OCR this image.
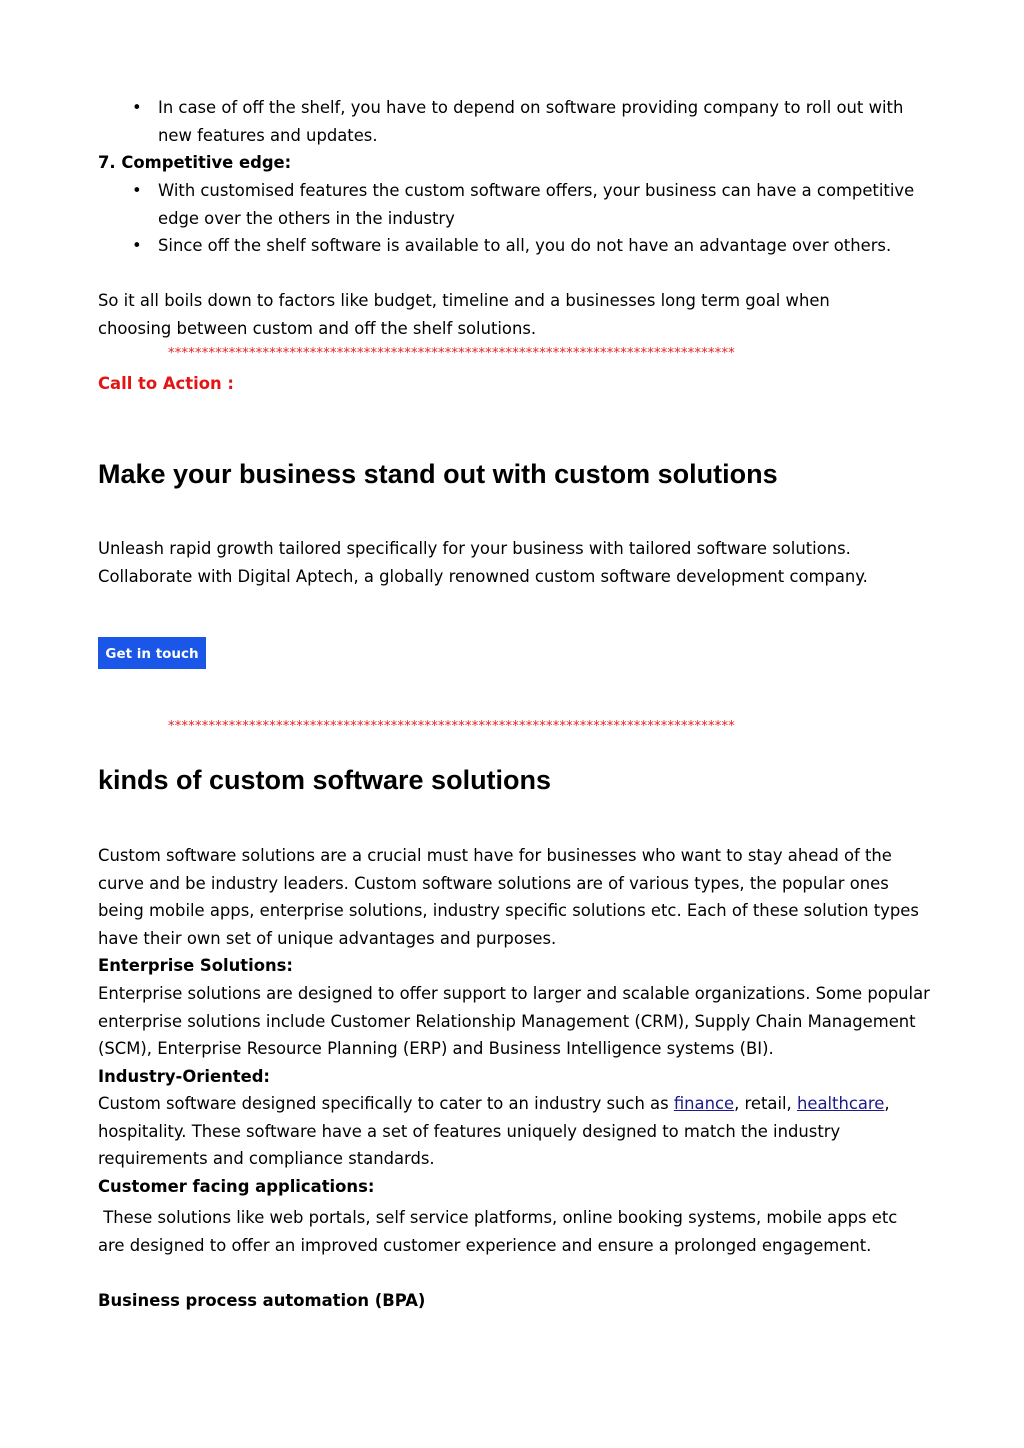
• In case of off the shelf, you have to depend on software providing company to roll out with new features and updates.
7. Competitive edge:
• With customised features the custom software offers, your business can have a competitive edge over the others in the industry
• Since off the shelf software is available to all, you do not have an advantage over others.
So it all boils down to factors like budget, timeline and a businesses long term goal when choosing between custom and off the shelf solutions.
************************************************************************************
Call to Action :
Make your business stand out with custom solutions
Unleash rapid growth tailored specifically for your business with tailored software solutions. Collaborate with Digital Aptech, a globally renowned custom software development company.
Get in touch
************************************************************************************
kinds of custom software solutions
Custom software solutions are a crucial must have for businesses who want to stay ahead of the curve and be industry leaders. Custom software solutions are of various types, the popular ones being mobile apps, enterprise solutions, industry specific solutions etc. Each of these solution types have their own set of unique advantages and purposes.
Enterprise Solutions:
Enterprise solutions are designed to offer support to larger and scalable organizations. Some popular enterprise solutions include Customer Relationship Management (CRM), Supply Chain Management (SCM), Enterprise Resource Planning (ERP) and Business Intelligence systems (BI).
Industry-Oriented:
Custom software designed specifically to cater to an industry such as finance, retail, healthcare, hospitality. These software have a set of features uniquely designed to match the industry requirements and compliance standards.
Customer facing applications:
These solutions like web portals, self service platforms, online booking systems, mobile apps etc are designed to offer an improved customer experience and ensure a prolonged engagement.
Business process automation (BPA)
